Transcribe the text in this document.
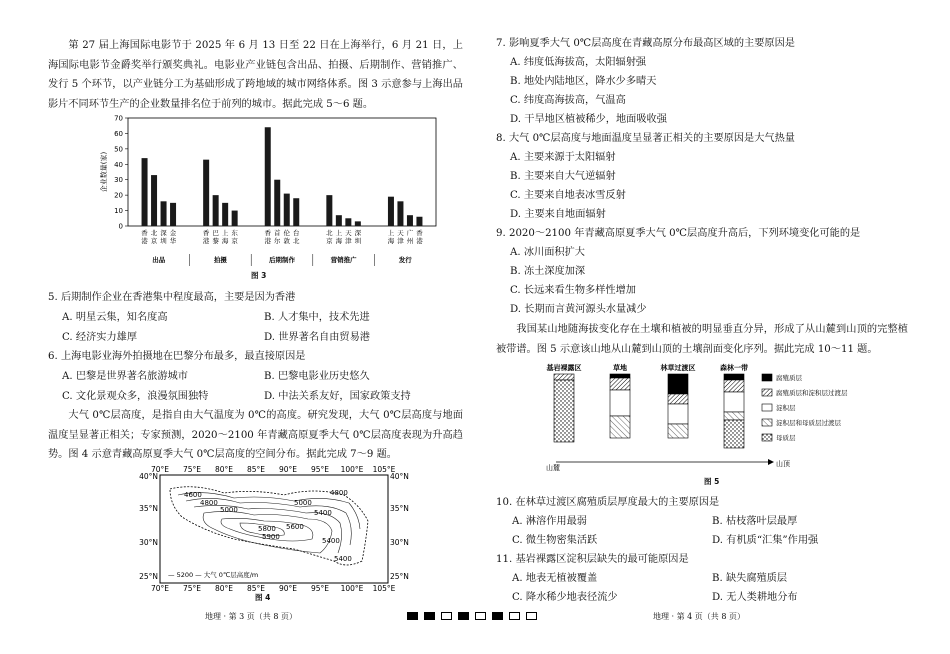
第 27 届上海国际电影节于 2025 年 6 月 13 日至 22 日在上海举行，6 月 21 日，上海国际电影节金爵奖举行颁奖典礼。电影业产业链包含出品、拍摄、后期制作、营销推广、发行 5 个环节，以产业链分工为基础形成了跨地域的城市网络体系。图 3 示意参与上海出品影片不同环节生产的企业数量排名位于前列的城市。据此完成 5～6 题。

0
10
20
30
40
50
60
70
企业数量(家)
香
港
北
京
深
圳
金
华
出品
香
港
巴
黎
上
海
东
京
拍摄
香
港
首
尔
伦
敦
台
北
后期制作
北
京
上
海
天
津
深
圳
营销推广
上
海
天
津
广
州
香
港
发行
图 3
5. 后期制作企业在香港集中程度最高，主要是因为香港
A. 明星云集，知名度高	B. 人才集中，技术先进
C. 经济实力雄厚	D. 世界著名自由贸易港
6. 上海电影业海外拍摄地在巴黎分布最多，最直接原因是
A. 巴黎是世界著名旅游城市	B. 巴黎电影业历史悠久
C. 文化景观众多，浪漫氛围独特	D. 中法关系友好，国家政策支持

大气 0℃层高度，是指自由大气温度为 0℃的高度。研究发现，大气 0℃层高度与地面温度呈显著正相关；专家预测，2020～2100 年青藏高原夏季大气 0℃层高度表现为升高趋势。图 4 示意青藏高原夏季大气 0℃层高度的空间分布。据此完成 7～9 题。

70°E 75°E 80°E 85°E 90°E 95°E 100°E 105°E
70°E 75°E 80°E 85°E 90°E 95°E 100°E 105°E
40°N
35°N
30°N
25°N
40°N
35°N
30°N
25°N
4600
4800
5000	5400
5600
5800
5900	5400
4800
5000
5400
— 5200 — 大气 0℃层高度/m
图 4
地理 · 第 3 页（共 8 页）
7. 影响夏季大气 0℃层高度在青藏高原分布最高区域的主要原因是
A. 纬度低海拔高，太阳辐射强
B. 地处内陆地区，降水少多晴天
C. 纬度高海拔高，气温高
D. 干旱地区植被稀少，地面吸收强
8. 大气 0℃层高度与地面温度呈显著正相关的主要原因是大气热量
A. 主要来源于太阳辐射
B. 主要来自大气逆辐射
C. 主要来自地表冰雪反射
D. 主要来自地面辐射
9. 2020～2100 年青藏高原夏季大气 0℃层高度升高后，下列环境变化可能的是
A. 冰川面积扩大
B. 冻土深度加深
C. 长远来看生物多样性增加
D. 长期而言黄河源头水量减少

我国某山地随海拔变化存在土壤和植被的明显垂直分异，形成了从山麓到山顶的完整植被带谱。图 5 示意该山地从山麓到山顶的土壤剖面变化序列。据此完成 10～11 题。

基岩裸露区	草地	林草过渡区	森林一带
腐殖质层
腐殖质层和淀积层过渡层
淀积层
淀积层和母质层过渡层
母质层
山麓	山顶
图 5
10. 在林草过渡区腐殖质层厚度最大的主要原因是
A. 淋溶作用最弱	B. 枯枝落叶层最厚
C. 微生物密集活跃	D. 有机质“汇集”作用强
11. 基岩裸露区淀积层缺失的最可能原因是
A. 地表无植被覆盖	B. 缺失腐殖质层
C. 降水稀少地表径流少	D. 无人类耕地分布
地理 · 第 4 页（共 8 页）
